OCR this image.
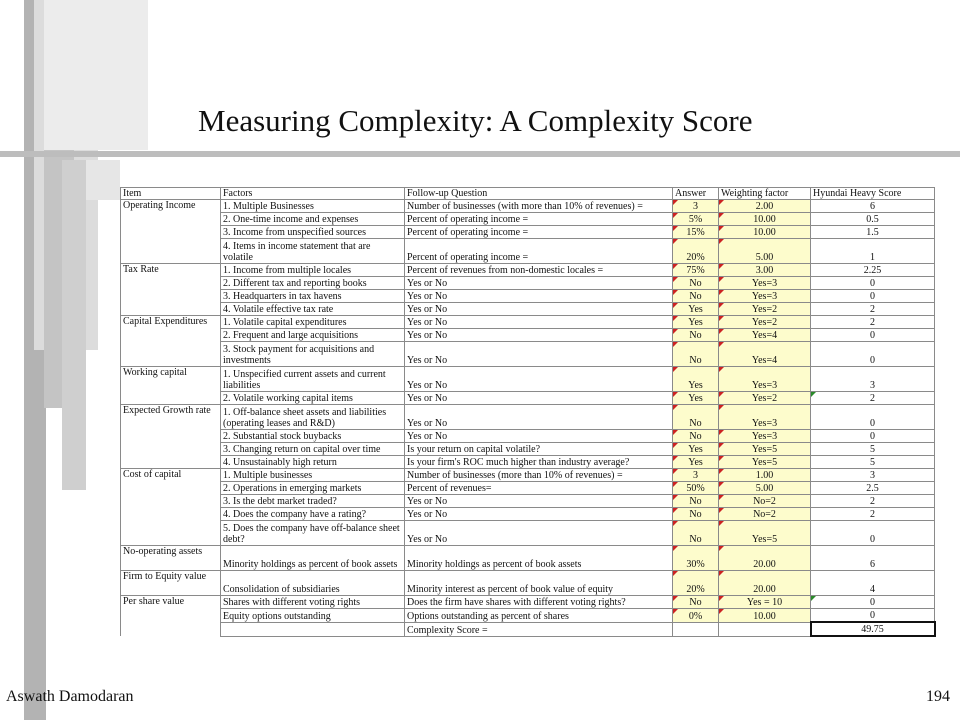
Measuring Complexity: A Complexity Score
Item	Factors	Follow-up Question	Answer	Weighting factor	Hyundai Heavy Score
Operating Income	1. Multiple Businesses	Number of businesses (with more than 10% of revenues) =	3	2.00	6
	2. One-time income and expenses	Percent of operating income =	5%	10.00	0.5
	3. Income from unspecified sources	Percent of operating income =	15%	10.00	1.5
	4. Items in income statement that are volatile	Percent of operating income =	20%	5.00	1
Tax Rate	1. Income from multiple locales	Percent of revenues from non-domestic locales =	75%	3.00	2.25
	2. Different tax and reporting books	Yes or No	No	Yes=3	0
	3. Headquarters in tax havens	Yes or No	No	Yes=3	0
	4. Volatile effective tax rate	Yes or No	Yes	Yes=2	2
Capital Expenditures	1. Volatile capital expenditures	Yes or No	Yes	Yes=2	2
	2. Frequent and large acquisitions	Yes or No	No	Yes=4	0
	3. Stock payment for acquisitions and investments	Yes or No	No	Yes=4	0
Working capital	1. Unspecified current assets and current liabilities	Yes or No	Yes	Yes=3	3
	2. Volatile working capital items	Yes or No	Yes	Yes=2	2
Expected Growth rate	1. Off-balance sheet assets and liabilities (operating leases and R&D)	Yes or No	No	Yes=3	0
	2. Substantial stock buybacks	Yes or No	No	Yes=3	0
	3. Changing return on capital over time	Is your return on capital volatile?	Yes	Yes=5	5
	4. Unsustainably high return	Is your firm's ROC much higher than industry average?	Yes	Yes=5	5
Cost of capital	1. Multiple businesses	Number of businesses (more than 10% of revenues) =	3	1.00	3
	2. Operations in emerging markets	Percent of revenues=	50%	5.00	2.5
	3. Is the debt market traded?	Yes or No	No	No=2	2
	4. Does the company have a rating?	Yes or No	No	No=2	2
	5. Does the company have off-balance sheet debt?	Yes or No	No	Yes=5	0
No-operating assets	Minority holdings as percent of book assets	Minority holdings as percent of book assets	30%	20.00	6
Firm to Equity value	Consolidation of subsidiaries	Minority interest as percent of book value of equity	20%	20.00	4
Per share value	Shares with different voting rights	Does the firm have shares with different voting rights?	No	Yes = 10	0
	Equity options outstanding	Options outstanding as percent of shares	0%	10.00	0
		Complexity Score =			49.75
Aswath Damodaran	194
